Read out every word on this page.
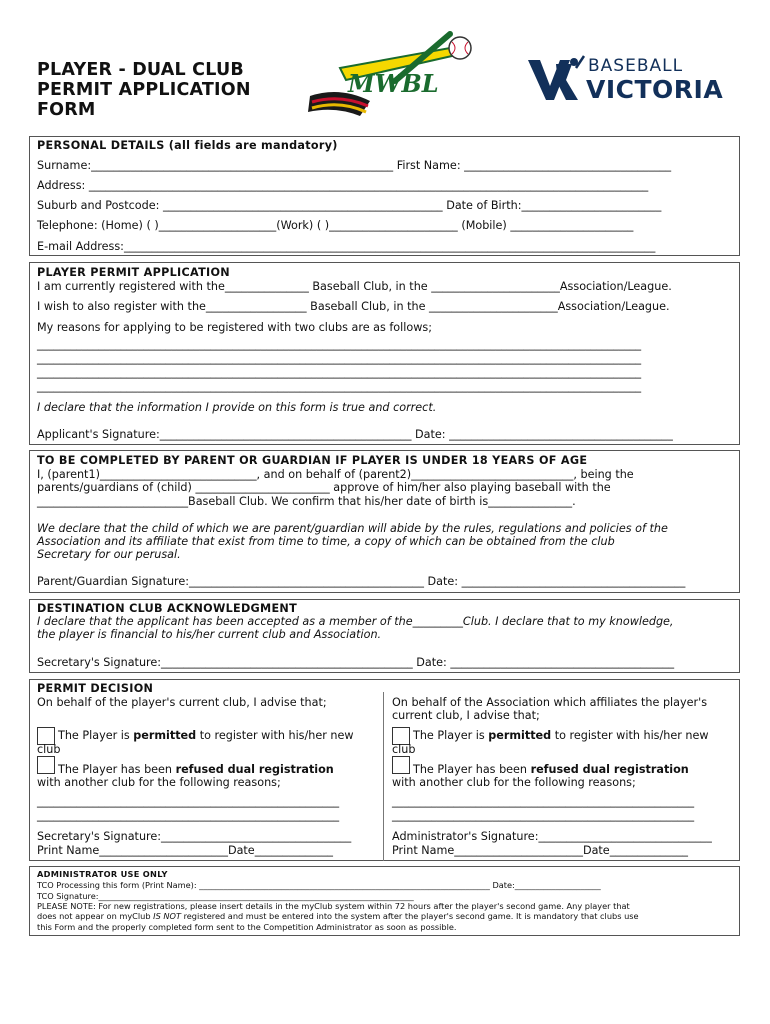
PLAYER - DUAL CLUB
PERMIT APPLICATION
FORM
MWBL
BASEBALL
VICTORIA
PERSONAL DETAILS (all fields are mandatory)
Surname:______________________________________________________ First Name: _____________________________________
Address: ____________________________________________________________________________________________________
Suburb and Postcode: __________________________________________________ Date of Birth:_________________________
Telephone: (Home) ( )_____________________(Work) ( )_______________________ (Mobile) ______________________
E-mail Address:_______________________________________________________________________________________________
PLAYER PERMIT APPLICATION
I am currently registered with the_______________ Baseball Club, in the _______________________Association/League.
I wish to also register with the__________________ Baseball Club, in the _______________________Association/League.
My reasons for applying to be registered with two clubs are as follows;
____________________________________________________________________________________________________________
____________________________________________________________________________________________________________
____________________________________________________________________________________________________________
____________________________________________________________________________________________________________
I declare that the information I provide on this form is true and correct.
Applicant's Signature:_____________________________________________ Date: ________________________________________
TO BE COMPLETED BY PARENT OR GUARDIAN IF PLAYER IS UNDER 18 YEARS OF AGE
I, (parent1)____________________________, and on behalf of (parent2)_____________________________, being the
parents/guardians of (child) ________________________ approve of him/her also playing baseball with the
___________________________Baseball Club. We confirm that his/her date of birth is_______________.
We declare that the child of which we are parent/guardian will abide by the rules, regulations and policies of the
Association and its affiliate that exist from time to time, a copy of which can be obtained from the club
Secretary for our perusal.
Parent/Guardian Signature:__________________________________________ Date: ________________________________________
DESTINATION CLUB ACKNOWLEDGMENT
I declare that the applicant has been accepted as a member of the_________Club. I declare that to my knowledge,
the player is financial to his/her current club and Association.
Secretary's Signature:_____________________________________________ Date: ________________________________________
PERMIT DECISION
On behalf of the player's current club, I advise that;
The Player is permitted to register with his/her new
club
The Player has been refused dual registration
with another club for the following reasons;
______________________________________________________
______________________________________________________
Secretary's Signature:__________________________________
Print Name_______________________Date______________
On behalf of the Association which affiliates the player's
current club, I advise that;
The Player is permitted to register with his/her new
club
The Player has been refused dual registration
with another club for the following reasons;
______________________________________________________
______________________________________________________
Administrator's Signature:_______________________________
Print Name_______________________Date______________
ADMINISTRATOR USE ONLY
TCO Processing this form (Print Name): _______________________________________________________________________ Date:_____________________
TCO Signature:_____________________________________________________________________________
PLEASE NOTE: For new registrations, please insert details in the myClub system within 72 hours after the player's second game. Any player that
does not appear on myClub IS NOT registered and must be entered into the system after the player's second game. It is mandatory that clubs use
this Form and the properly completed form sent to the Competition Administrator as soon as possible.
